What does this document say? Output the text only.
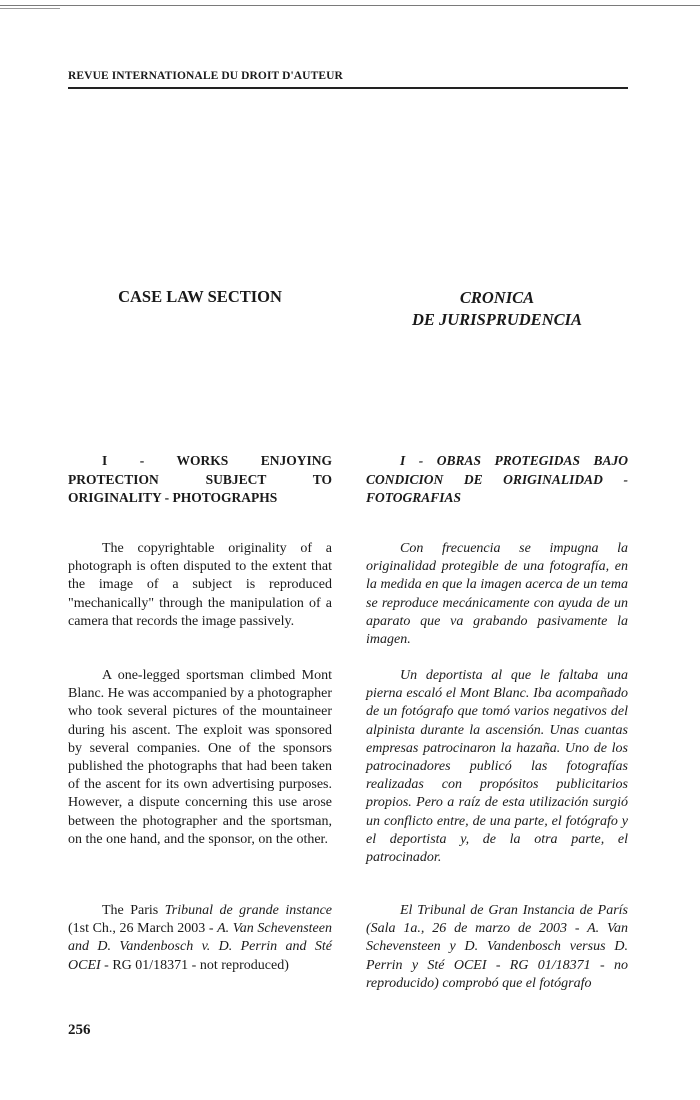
REVUE INTERNATIONALE DU DROIT D'AUTEUR
CASE LAW SECTION	CRONICA
DE JURISPRUDENCIA
I - WORKS ENJOYING PROTECTION SUBJECT TO ORIGINALITY - PHOTOGRAPHS

The copyrightable originality of a photograph is often disputed to the extent that the image of a subject is reproduced "mechanically" through the manipulation of a camera that records the image passively.

A one-legged sportsman climbed Mont Blanc. He was accompanied by a photographer who took several pictures of the mountaineer during his ascent. The exploit was sponsored by several companies. One of the sponsors published the photographs that had been taken of the ascent for its own advertising purposes. However, a dispute concerning this use arose between the photographer and the sportsman, on the one hand, and the sponsor, on the other.

The Paris Tribunal de grande instance (1st Ch., 26 March 2003 - A. Van Schevensteen and D. Vandenbosch v. D. Perrin and Sté OCEI - RG 01/18371 - not reproduced)

I - OBRAS PROTEGIDAS BAJO CONDICION DE ORIGINALIDAD - FOTOGRAFIAS

Con frecuencia se impugna la originalidad protegible de una fotografía, en la medida en que la imagen acerca de un tema se reproduce mecánicamente con ayuda de un aparato que va grabando pasivamente la imagen.

Un deportista al que le faltaba una pierna escaló el Mont Blanc. Iba acompañado de un fotógrafo que tomó varios negativos del alpinista durante la ascensión. Unas cuantas empresas patrocinaron la hazaña. Uno de los patrocinadores publicó las fotografías realizadas con propósitos publicitarios propios. Pero a raíz de esta utilización surgió un conflicto entre, de una parte, el fotógrafo y el deportista y, de la otra parte, el patrocinador.

El Tribunal de Gran Instancia de París (Sala 1a., 26 de marzo de 2003 - A. Van Schevensteen y D. Vandenbosch versus D. Perrin y Sté OCEI - RG 01/18371 - no reproducido) comprobó que el fotógrafo

256
